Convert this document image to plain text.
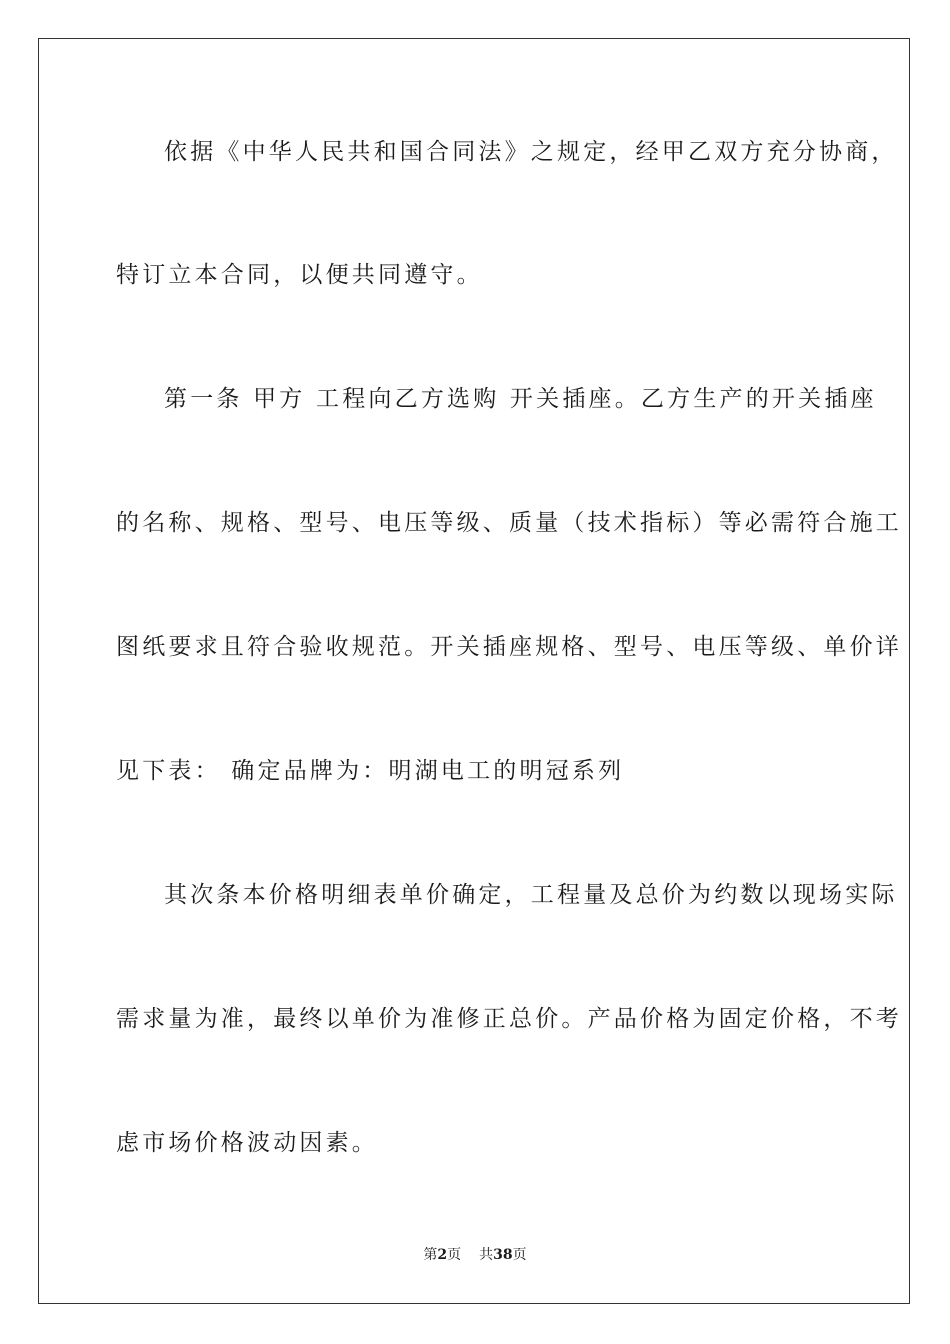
依据《中华人民共和国合同法》之规定，经甲乙双方充分协商，
特订立本合同，以便共同遵守。
第一条 甲方 工程向乙方选购 开关插座。乙方生产的开关插座
的名称、规格、型号、电压等级、质量（技术指标）等必需符合施工
图纸要求且符合验收规范。开关插座规格、型号、电压等级、单价详
见下表： 确定品牌为：明湖电工的明冠系列
其次条本价格明细表单价确定，工程量及总价为约数以现场实际
需求量为准，最终以单价为准修正总价。产品价格为固定价格，不考
虑市场价格波动因素。
第2页 共38页
